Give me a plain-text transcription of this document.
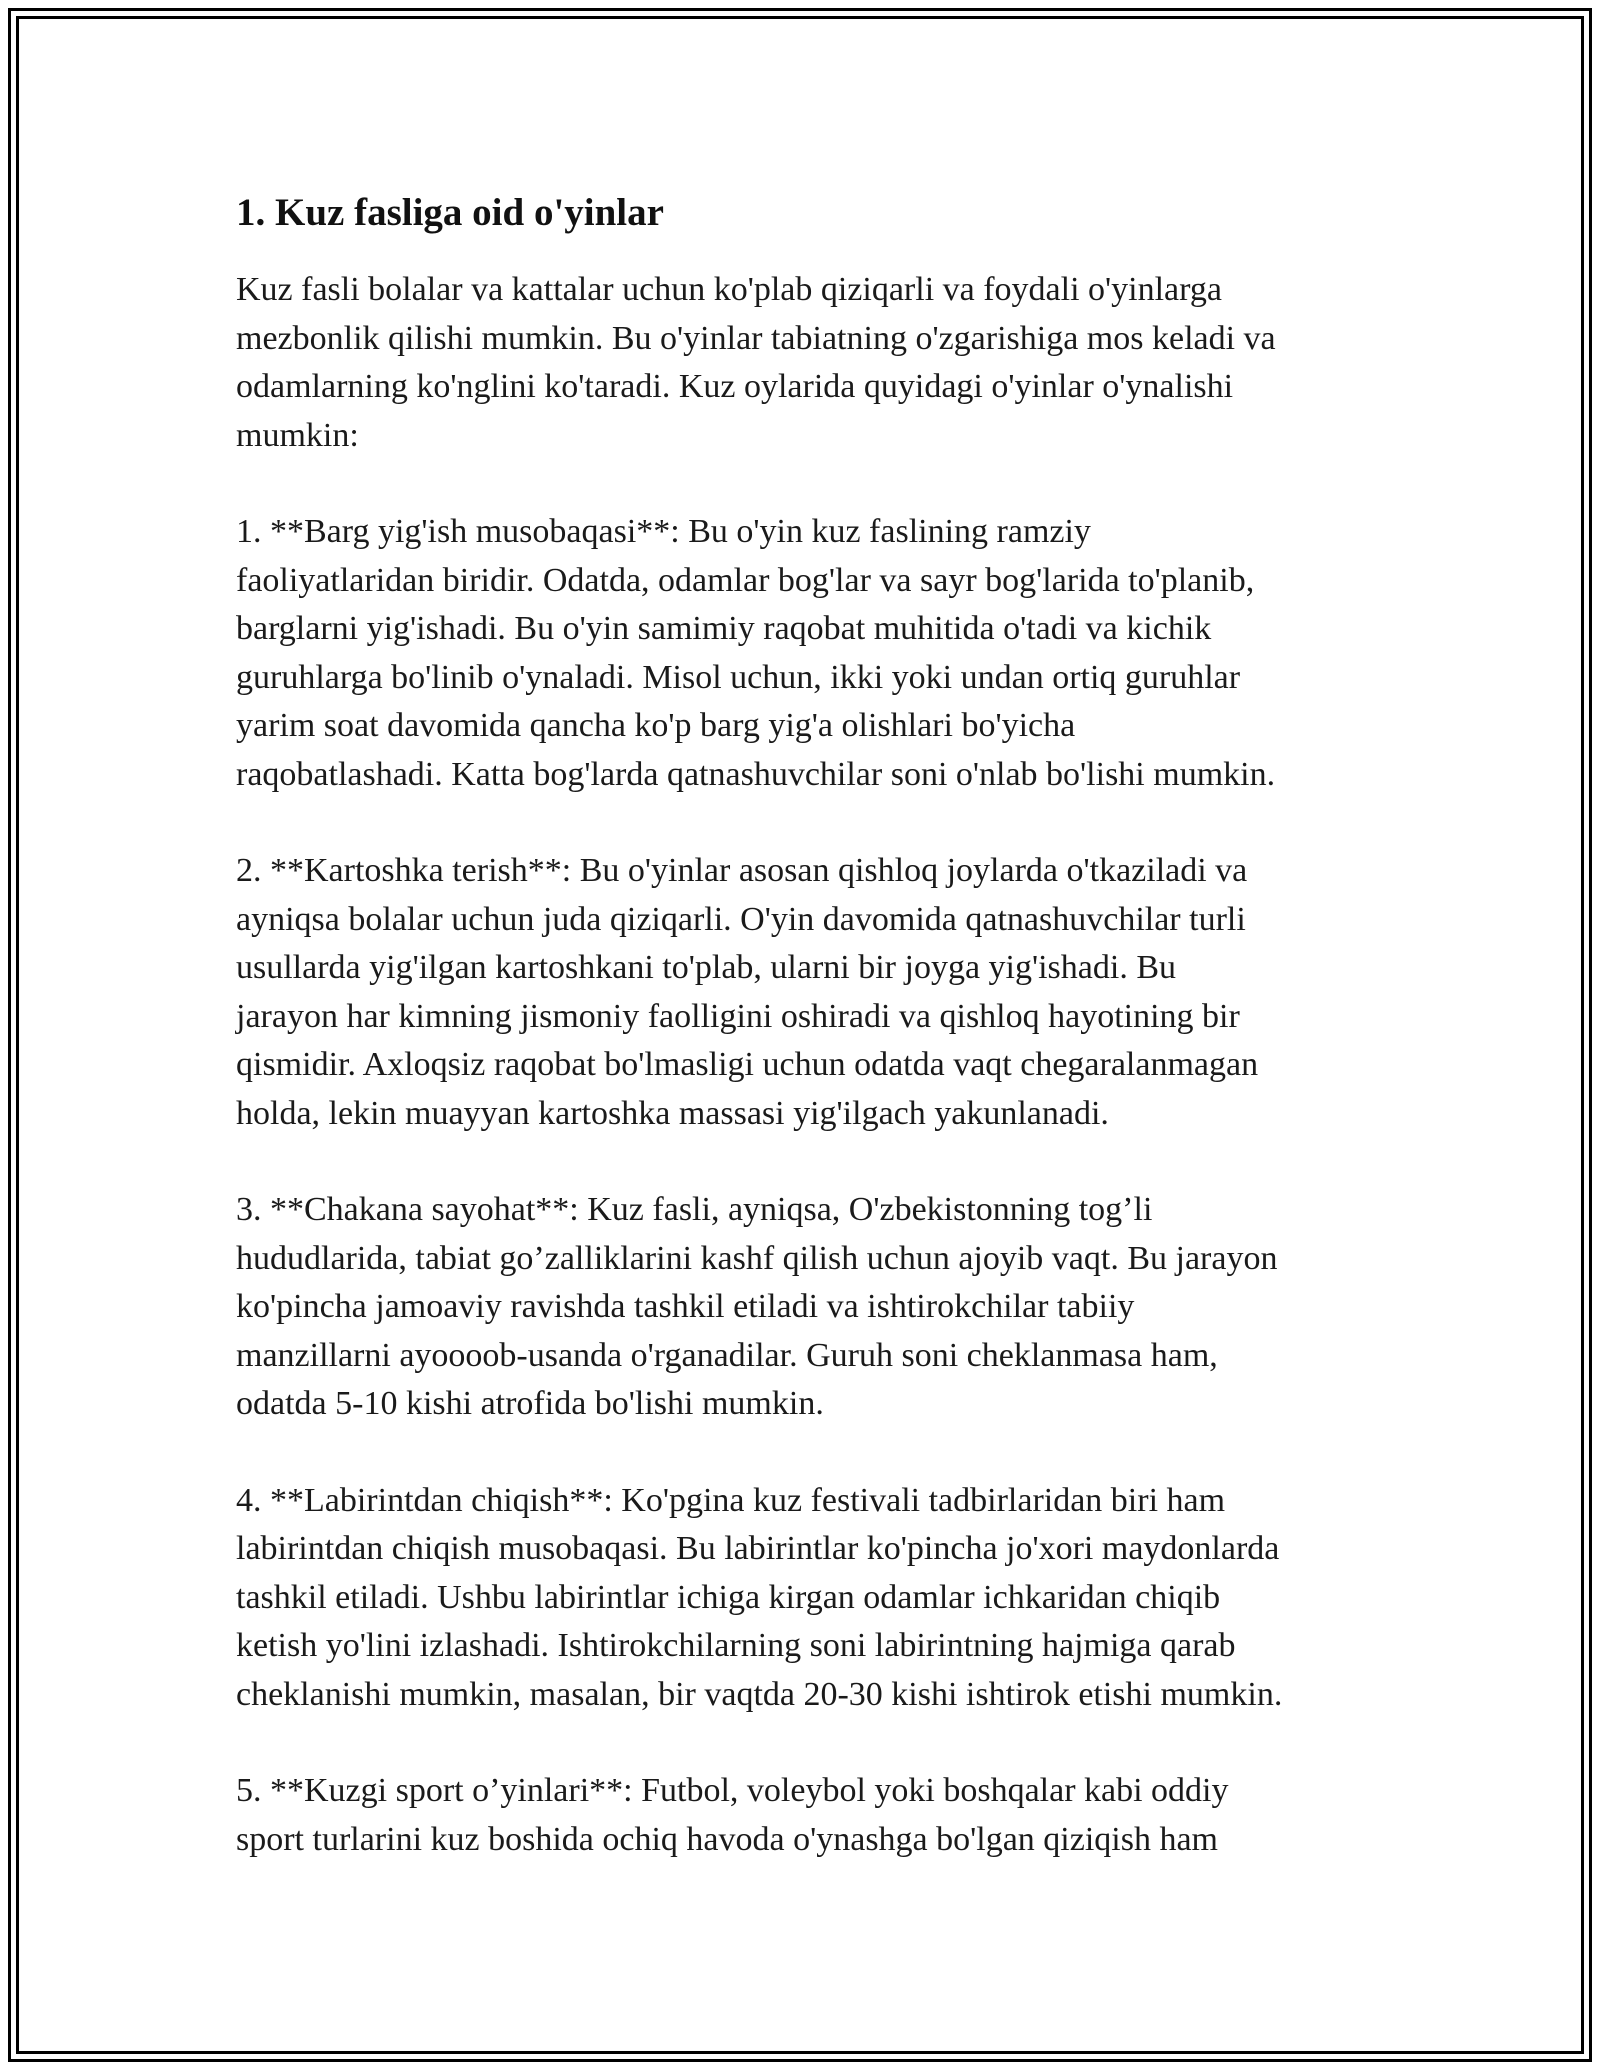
1. Kuz fasliga oid o'yinlar

Kuz fasli bolalar va kattalar uchun ko'plab qiziqarli va foydali o'yinlarga
mezbonlik qilishi mumkin. Bu o'yinlar tabiatning o'zgarishiga mos keladi va
odamlarning ko'nglini ko'taradi. Kuz oylarida quyidagi o'yinlar o'ynalishi
mumkin:

1. **Barg yig'ish musobaqasi**: Bu o'yin kuz faslining ramziy
faoliyatlaridan biridir. Odatda, odamlar bog'lar va sayr bog'larida to'planib,
barglarni yig'ishadi. Bu o'yin samimiy raqobat muhitida o'tadi va kichik
guruhlarga bo'linib o'ynaladi. Misol uchun, ikki yoki undan ortiq guruhlar
yarim soat davomida qancha ko'p barg yig'a olishlari bo'yicha
raqobatlashadi. Katta bog'larda qatnashuvchilar soni o'nlab bo'lishi mumkin.

2. **Kartoshka terish**: Bu o'yinlar asosan qishloq joylarda o'tkaziladi va
ayniqsa bolalar uchun juda qiziqarli. O'yin davomida qatnashuvchilar turli
usullarda yig'ilgan kartoshkani to'plab, ularni bir joyga yig'ishadi. Bu
jarayon har kimning jismoniy faolligini oshiradi va qishloq hayotining bir
qismidir. Axloqsiz raqobat bo'lmasligi uchun odatda vaqt chegaralanmagan
holda, lekin muayyan kartoshka massasi yig'ilgach yakunlanadi.

3. **Chakana sayohat**: Kuz fasli, ayniqsa, O'zbekistonning tog’li
hududlarida, tabiat go’zalliklarini kashf qilish uchun ajoyib vaqt. Bu jarayon
ko'pincha jamoaviy ravishda tashkil etiladi va ishtirokchilar tabiiy
manzillarni ayoooob-usanda o'rganadilar. Guruh soni cheklanmasa ham,
odatda 5-10 kishi atrofida bo'lishi mumkin.

4. **Labirintdan chiqish**: Ko'pgina kuz festivali tadbirlaridan biri ham
labirintdan chiqish musobaqasi. Bu labirintlar ko'pincha jo'xori maydonlarda
tashkil etiladi. Ushbu labirintlar ichiga kirgan odamlar ichkaridan chiqib
ketish yo'lini izlashadi. Ishtirokchilarning soni labirintning hajmiga qarab
cheklanishi mumkin, masalan, bir vaqtda 20-30 kishi ishtirok etishi mumkin.

5. **Kuzgi sport o’yinlari**: Futbol, voleybol yoki boshqalar kabi oddiy
sport turlarini kuz boshida ochiq havoda o'ynashga bo'lgan qiziqish ham
